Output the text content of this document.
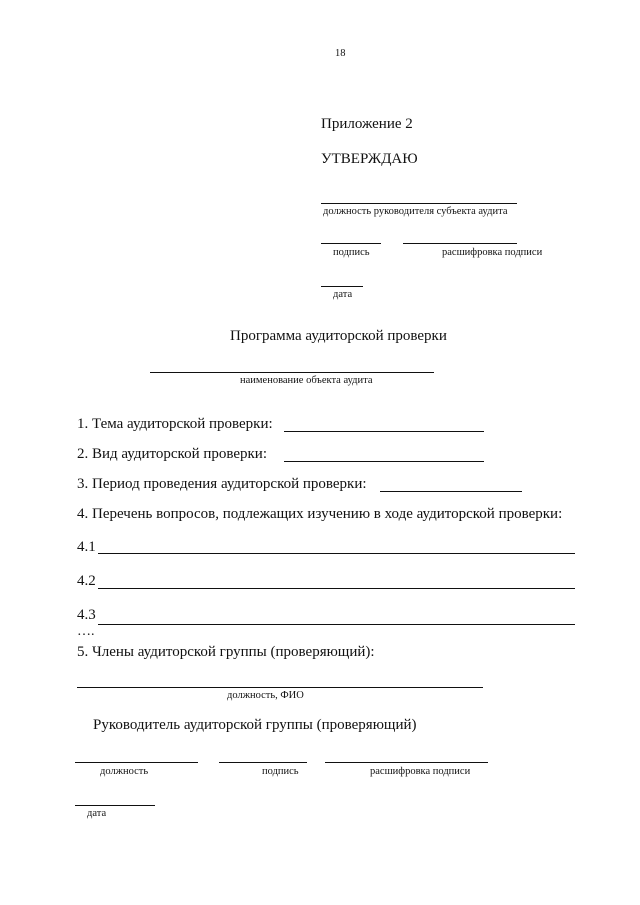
18
Приложение 2
УТВЕРЖДАЮ
должность руководителя субъекта аудита
подпись	расшифровка подписи
дата
Программа аудиторской проверки
наименование объекта аудита
1. Тема аудиторской проверки:
2. Вид аудиторской проверки:
3. Период проведения аудиторской проверки:
4. Перечень вопросов, подлежащих изучению в ходе аудиторской проверки:
4.1
4.2
4.3
….
5. Члены аудиторской группы (проверяющий):
должность, ФИО
Руководитель аудиторской группы (проверяющий)
должность	подпись	расшифровка подписи
дата
